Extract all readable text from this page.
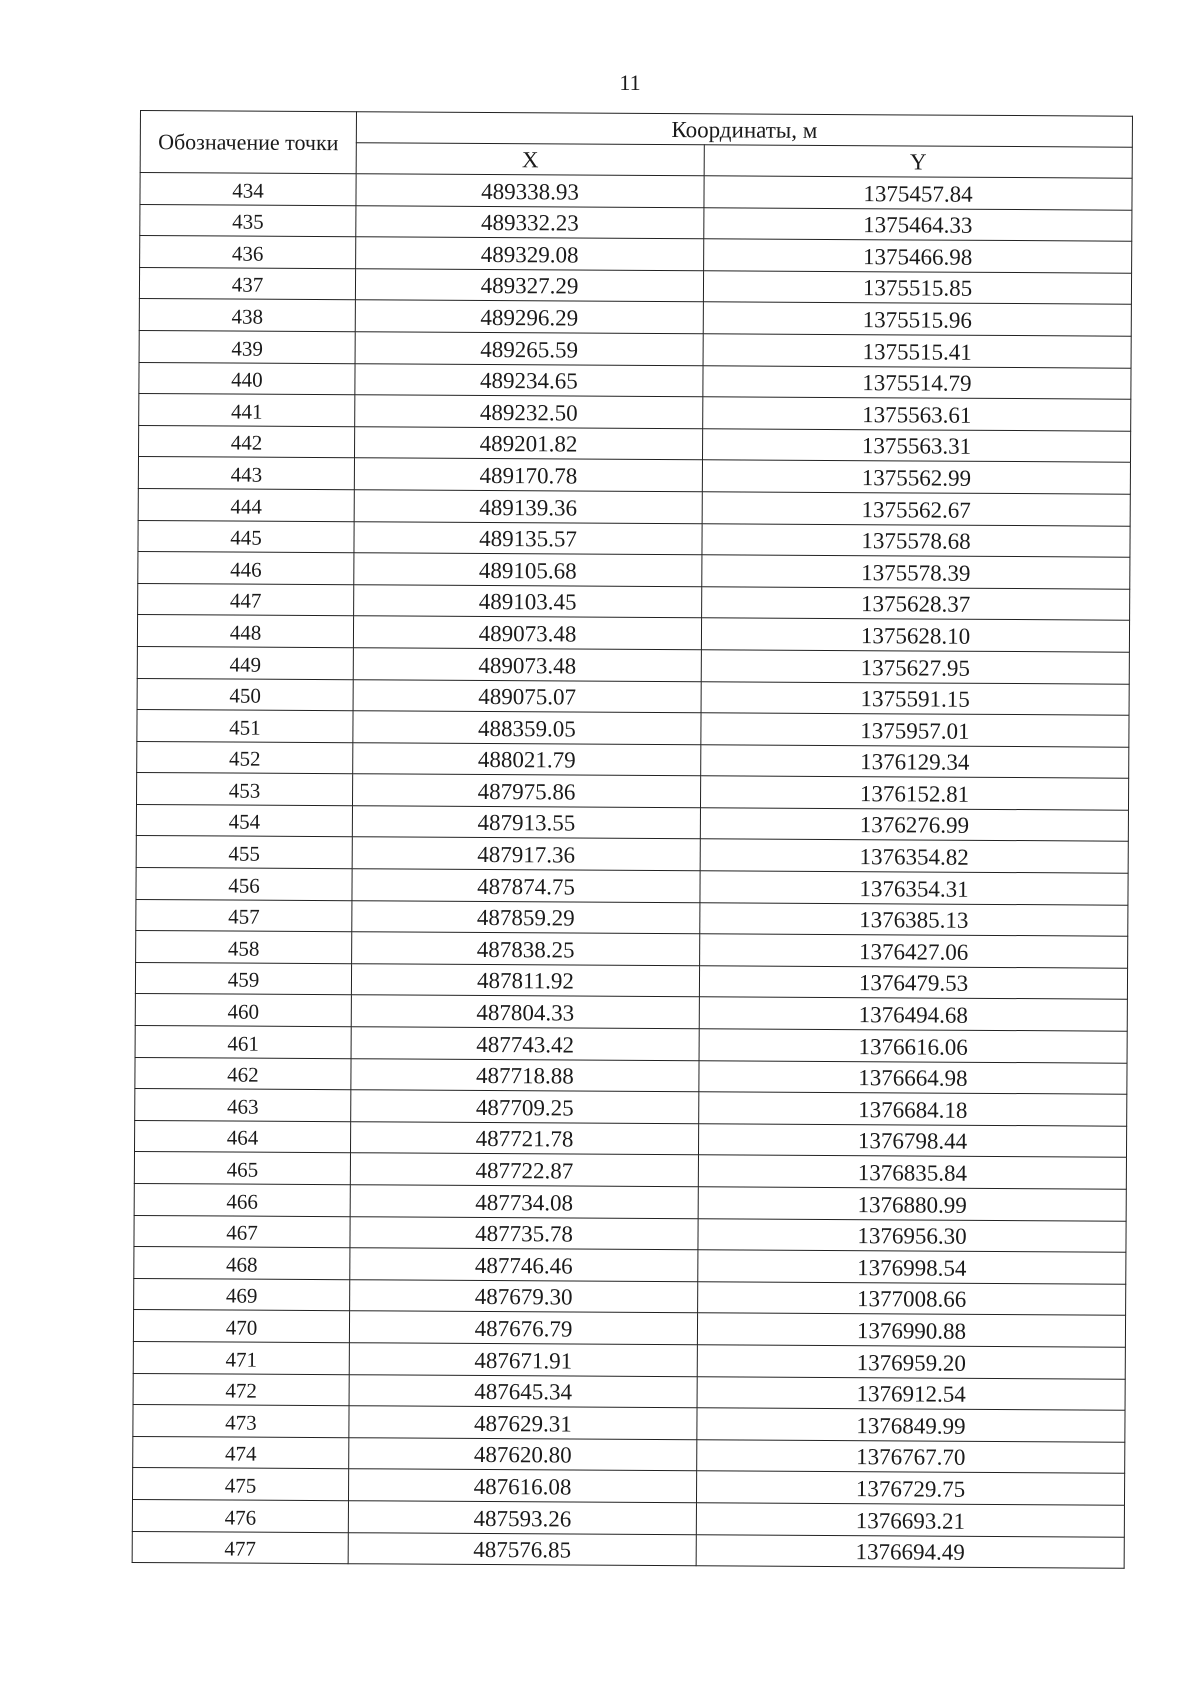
11
Обозначение точки	Координаты, м	
	X	Y
434	489338.93	1375457.84
435	489332.23	1375464.33
436	489329.08	1375466.98
437	489327.29	1375515.85
438	489296.29	1375515.96
439	489265.59	1375515.41
440	489234.65	1375514.79
441	489232.50	1375563.61
442	489201.82	1375563.31
443	489170.78	1375562.99
444	489139.36	1375562.67
445	489135.57	1375578.68
446	489105.68	1375578.39
447	489103.45	1375628.37
448	489073.48	1375628.10
449	489073.48	1375627.95
450	489075.07	1375591.15
451	488359.05	1375957.01
452	488021.79	1376129.34
453	487975.86	1376152.81
454	487913.55	1376276.99
455	487917.36	1376354.82
456	487874.75	1376354.31
457	487859.29	1376385.13
458	487838.25	1376427.06
459	487811.92	1376479.53
460	487804.33	1376494.68
461	487743.42	1376616.06
462	487718.88	1376664.98
463	487709.25	1376684.18
464	487721.78	1376798.44
465	487722.87	1376835.84
466	487734.08	1376880.99
467	487735.78	1376956.30
468	487746.46	1376998.54
469	487679.30	1377008.66
470	487676.79	1376990.88
471	487671.91	1376959.20
472	487645.34	1376912.54
473	487629.31	1376849.99
474	487620.80	1376767.70
475	487616.08	1376729.75
476	487593.26	1376693.21
477	487576.85	1376694.49
